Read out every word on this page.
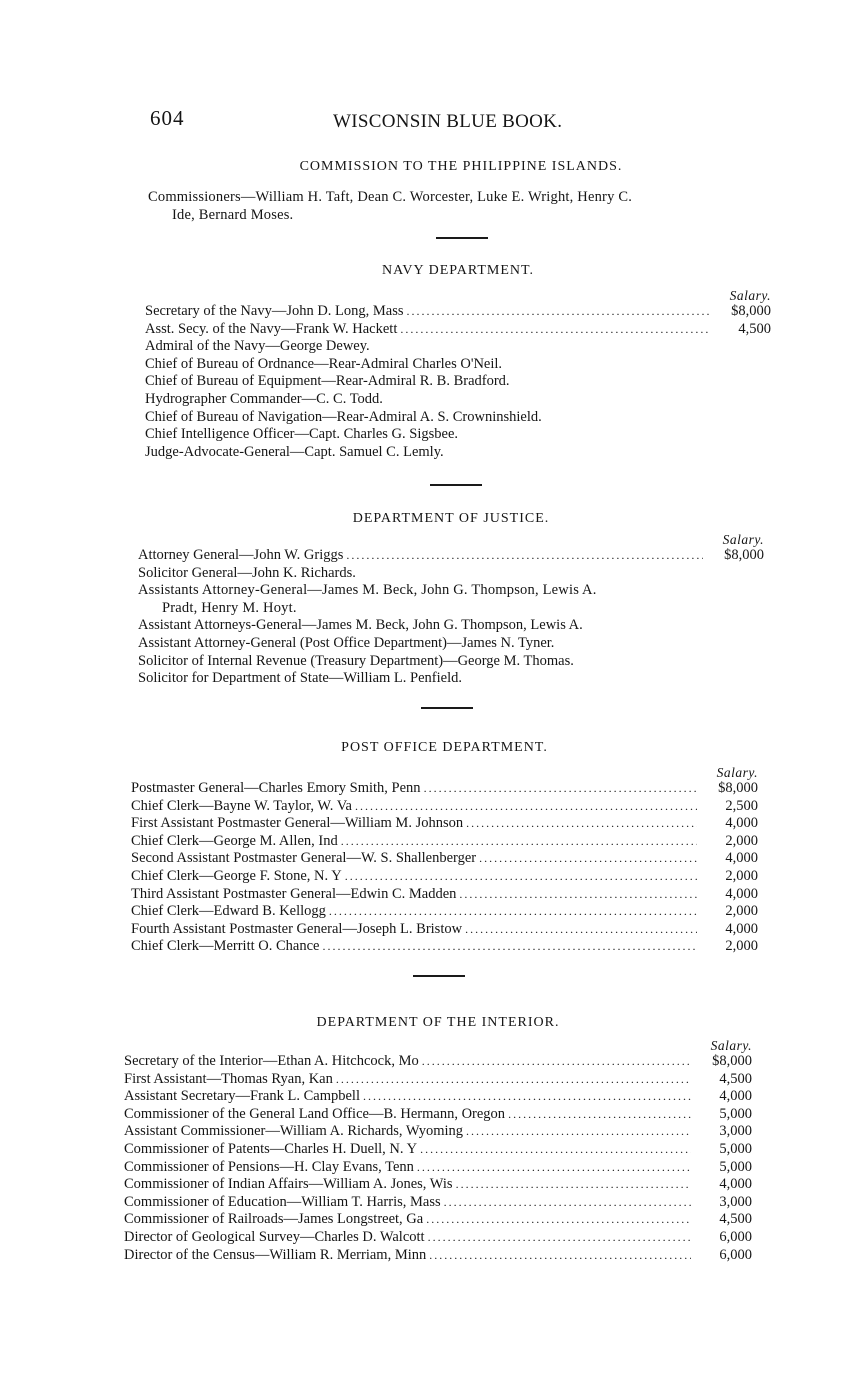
604	WISCONSIN BLUE BOOK.
COMMISSION TO THE PHILIPPINE ISLANDS.
Commissioners—William H. Taft, Dean C. Worcester, Luke E. Wright, Henry C.
Ide, Bernard Moses.
NAVY DEPARTMENT.
Salary.
Secretary of the Navy—John D. Long, Mass .....	$8,000
Asst. Secy. of the Navy—Frank W. Hackett .....	4,500
Admiral of the Navy—George Dewey.
Chief of Bureau of Ordnance—Rear-Admiral Charles O'Neil.
Chief of Bureau of Equipment—Rear-Admiral R. B. Bradford.
Hydrographer Commander—C. C. Todd.
Chief of Bureau of Navigation—Rear-Admiral A. S. Crowninshield.
Chief Intelligence Officer—Capt. Charles G. Sigsbee.
Judge-Advocate-General—Capt. Samuel C. Lemly.
DEPARTMENT OF JUSTICE.
Salary.
Attorney General—John W. Griggs .....	$8,000
Solicitor General—John K. Richards.
Assistants Attorney-General—James M. Beck, John G. Thompson, Lewis A.
Pradt, Henry M. Hoyt.
Assistant Attorneys-General—James M. Beck, John G. Thompson, Lewis A.
Assistant Attorney-General (Post Office Department)—James N. Tyner.
Solicitor of Internal Revenue (Treasury Department)—George M. Thomas.
Solicitor for Department of State—William L. Penfield.
POST OFFICE DEPARTMENT.
Salary.
Postmaster General—Charles Emory Smith, Penn .....	$8,000
Chief Clerk—Bayne W. Taylor, W. Va .....	2,500
First Assistant Postmaster General—William M. Johnson .....	4,000
Chief Clerk—George M. Allen, Ind .....	2,000
Second Assistant Postmaster General—W. S. Shallenberger .....	4,000
Chief Clerk—George F. Stone, N. Y .....	2,000
Third Assistant Postmaster General—Edwin C. Madden .....	4,000
Chief Clerk—Edward B. Kellogg .....	2,000
Fourth Assistant Postmaster General—Joseph L. Bristow .....	4,000
Chief Clerk—Merritt O. Chance .....	2,000
DEPARTMENT OF THE INTERIOR.
Salary.
Secretary of the Interior—Ethan A. Hitchcock, Mo .....	$8,000
First Assistant—Thomas Ryan, Kan .....	4,500
Assistant Secretary—Frank L. Campbell .....	4,000
Commissioner of the General Land Office—B. Hermann, Oregon .....	5,000
Assistant Commissioner—William A. Richards, Wyoming .....	3,000
Commissioner of Patents—Charles H. Duell, N. Y .....	5,000
Commissioner of Pensions—H. Clay Evans, Tenn .....	5,000
Commissioner of Indian Affairs—William A. Jones, Wis .....	4,000
Commissioner of Education—William T. Harris, Mass .....	3,000
Commissioner of Railroads—James Longstreet, Ga .....	4,500
Director of Geological Survey—Charles D. Walcott .....	6,000
Director of the Census—William R. Merriam, Minn .....	6,000
